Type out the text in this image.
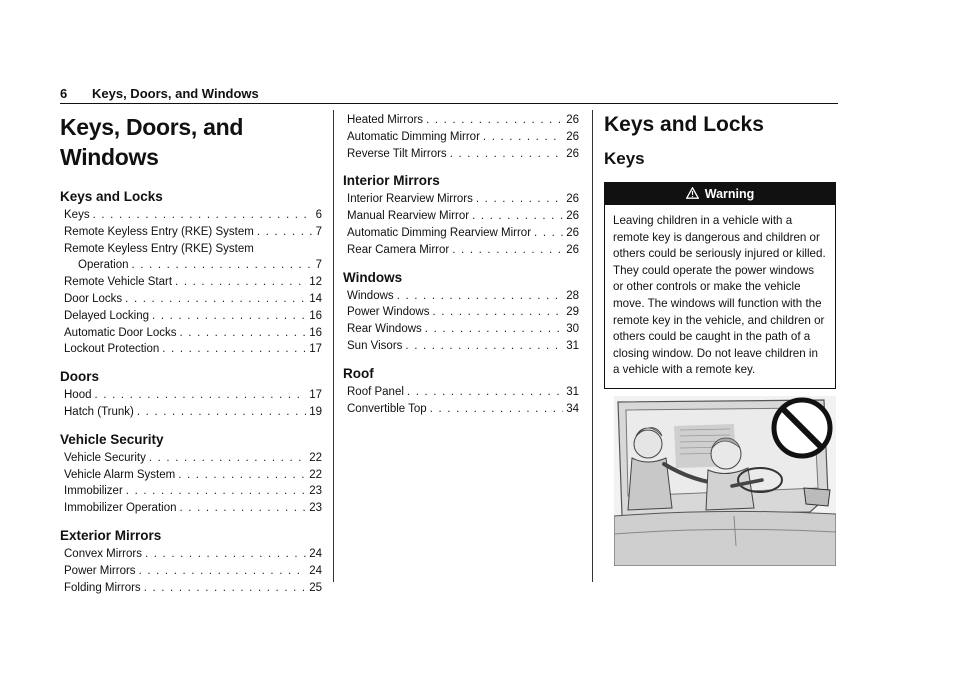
6 Keys, Doors, and Windows
Keys, Doors, and
Windows
Keys and Locks
Keys . . .	6
Remote Keyless Entry (RKE) System . . .	. 7
Remote Keyless Entry (RKE) System
Operation . . .	7
Remote Vehicle Start . . .	12
Door Locks . . .	14
Delayed Locking . . .	16
Automatic Door Locks . . .	16
Lockout Protection . . .	17
Doors
Hood . . .	17
Hatch (Trunk) . . .	19
Vehicle Security
Vehicle Security . . .	22
Vehicle Alarm System . . .	22
Immobilizer . . .	23
Immobilizer Operation . . .	23
Exterior Mirrors
Convex Mirrors . . .	24
Power Mirrors . . .	24
Folding Mirrors . . .	25
Heated Mirrors . . .	26
Automatic Dimming Mirror . . .	26
Reverse Tilt Mirrors . . .	26
Interior Mirrors
Interior Rearview Mirrors . . .	26
Manual Rearview Mirror . . .	26
Automatic Dimming Rearview Mirror . . .	26
Rear Camera Mirror . . .	26
Windows
Windows . . .	28
Power Windows . . .	29
Rear Windows . . .	30
Sun Visors . . .	31
Roof
Roof Panel . . .	31
Convertible Top . . .	34
Keys and Locks
Keys
Warning
Leaving children in a vehicle with a remote key is dangerous and children or others could be seriously injured or killed. They could operate the power windows or other controls or make the vehicle move. The windows will function with the remote key in the vehicle, and children or others could be caught in the path of a closing window. Do not leave children in a vehicle with a remote key.
